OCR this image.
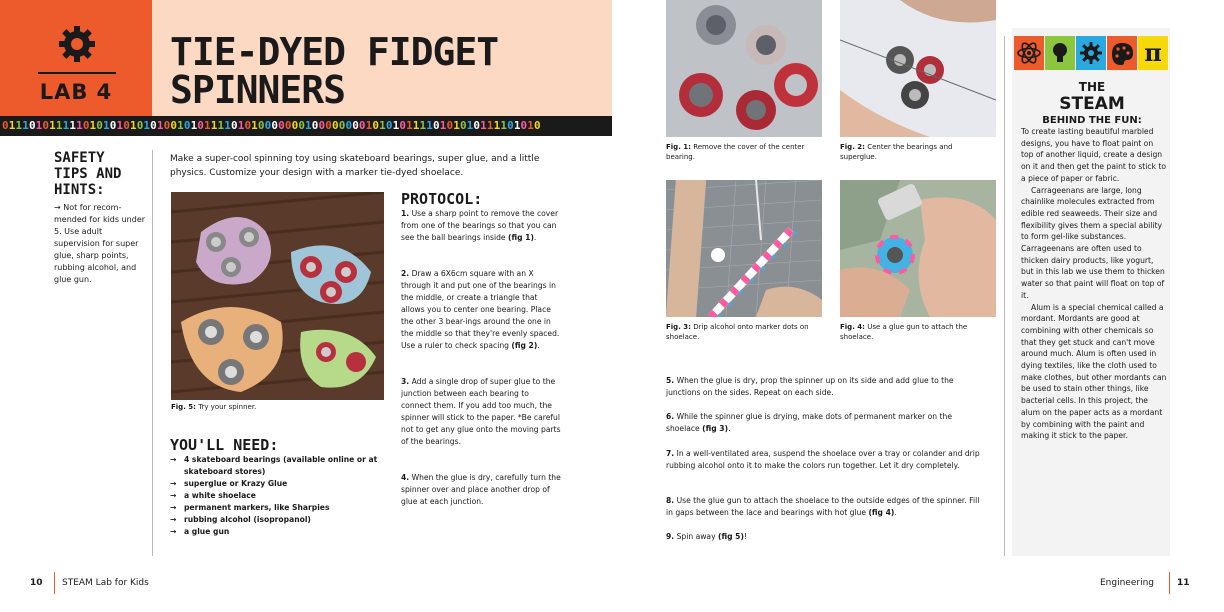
LAB 4
TIE-DYED FIDGET
SPINNERS
01110101111101010101010100101011110101000000010000000010101011110101010111101010
SAFETY TIPS AND HINTS:
→ Not for recom-mended for kids under 5. Use adult supervision for super glue, sharp points, rubbing alcohol, and glue gun.
Make a super-cool spinning toy using skateboard bearings, super glue, and a little physics. Customize your design with a marker tie-dyed shoelace.
Fig. 5: Try your spinner.
YOU'LL NEED:
→ 4 skateboard bearings (available online or at skateboard stores)
→ superglue or Krazy Glue
→ a white shoelace
→ permanent markers, like Sharpies
→ rubbing alcohol (isopropanol)
→ a glue gun
PROTOCOL:
1. Use a sharp point to remove the cover from one of the bearings so that you can see the ball bearings inside (fig 1).
2. Draw a 6X6cm square with an X through it and put one of the bearings in the middle, or create a triangle that allows you to center one bearing. Place the other 3 bear-ings around the one in the middle so that they're evenly spaced. Use a ruler to check spacing (fig 2).
3. Add a single drop of super glue to the junction between each bearing to connect them. If you add too much, the spinner will stick to the paper. *Be careful not to get any glue onto the moving parts of the bearings.
4. When the glue is dry, carefully turn the spinner over and place another drop of glue at each junction.
10 STEAM Lab for Kids
Fig. 1: Remove the cover of the center bearing.
Fig. 2: Center the bearings and superglue.
Fig. 3: Drip alcohol onto marker dots on shoelace.
Fig. 4: Use a glue gun to attach the shoelace.
5. When the glue is dry, prop the spinner up on its side and add glue to the junctions on the sides. Repeat on each side.
6. While the spinner glue is drying, make dots of permanent marker on the shoelace (fig 3).
7. In a well-ventilated area, suspend the shoelace over a tray or colander and drip rubbing alcohol onto it to make the colors run together. Let it dry completely.
8. Use the glue gun to attach the shoelace to the outside edges of the spinner. Fill in gaps between the lace and bearings with hot glue (fig 4).
9. Spin away (fig 5)!
π
THE
STEAM
BEHIND THE FUN:

To create lasting beautiful marbled designs, you have to float paint on top of another liquid, create a design on it and then get the paint to stick to a piece of paper or fabric.

Carrageenans are large, long chainlike molecules extracted from edible red seaweeds. Their size and flexibility gives them a special ability to form gel-like substances. Carrageenans are often used to thicken dairy products, like yogurt, but in this lab we use them to thicken water so that paint will float on top of it.

Alum is a special chemical called a mordant. Mordants are good at combining with other chemicals so that they get stuck and can't move around much. Alum is often used in dying textiles, like the cloth used to make clothes, but other mordants can be used to stain other things, like bacterial cells. In this project, the alum on the paper acts as a mordant by combining with the paint and making it stick to the paper.

Engineering	11
